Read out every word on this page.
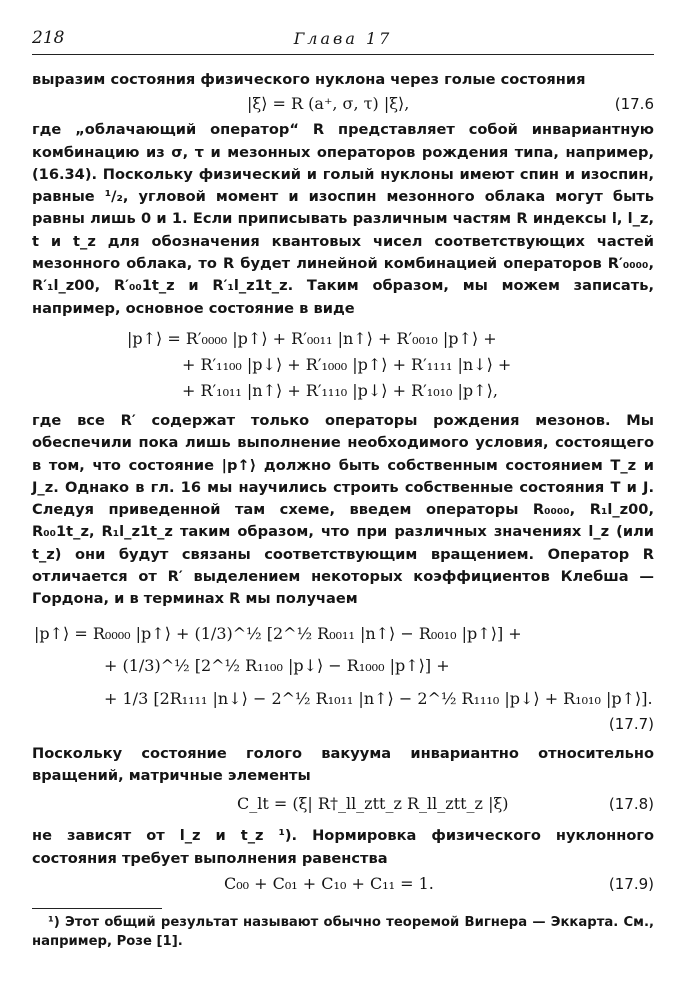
218	Глава 17

выразим состояния физического нуклона через голые состояния

|ξ⟩ = R (a⁺, σ, τ) |ξ⟩,	(17.6

где „облачающий оператор“ R представляет собой инвариантную комбинацию из σ, τ и мезонных операторов рождения типа, например, (16.34). Поскольку физический и голый нуклоны имеют спин и изоспин, равные ¹/₂, угловой момент и изоспин мезонного облака могут быть равны лишь 0 и 1. Если приписывать различным частям R индексы l, l_z, t и t_z для обозначения квантовых чисел соответствующих частей мезонного облака, то R будет линейной комбинацией операторов R′₀₀₀₀, R′₁l_z00, R′₀₀1t_z и R′₁l_z1t_z. Таким образом, мы можем записать, например, основное состояние в виде

|p↑⟩ = R′₀₀₀₀ |p↑⟩ + R′₀₀₁₁ |n↑⟩ + R′₀₀₁₀ |p↑⟩ +
+ R′₁₁₀₀ |p↓⟩ + R′₁₀₀₀ |p↑⟩ + R′₁₁₁₁ |n↓⟩ +
+ R′₁₀₁₁ |n↑⟩ + R′₁₁₁₀ |p↓⟩ + R′₁₀₁₀ |p↑⟩,

где все R′ содержат только операторы рождения мезонов. Мы обеспечили пока лишь выполнение необходимого условия, состоящего в том, что состояние |p↑⟩ должно быть собственным состоянием T_z и J_z. Однако в гл. 16 мы научились строить собственные состояния T и J. Следуя приведенной там схеме, введем операторы R₀₀₀₀, R₁l_z00, R₀₀1t_z, R₁l_z1t_z таким образом, что при различных значениях l_z (или t_z) они будут связаны соответствующим вращением. Оператор R отличается от R′ выделением некоторых коэффициентов Клебша — Гордона, и в терминах R мы получаем

|p↑⟩ = R₀₀₀₀ |p↑⟩ + (1/3)^½ [2^½ R₀₀₁₁ |n↑⟩ − R₀₀₁₀ |p↑⟩] +
+ (1/3)^½ [2^½ R₁₁₀₀ |p↓⟩ − R₁₀₀₀ |p↑⟩] +
+ 1/3 [2R₁₁₁₁ |n↓⟩ − 2^½ R₁₀₁₁ |n↑⟩ − 2^½ R₁₁₁₀ |p↓⟩ + R₁₀₁₀ |p↑⟩].
(17.7)

Поскольку состояние голого вакуума инвариантно относительно вращений, матричные элементы

C_lt = (ξ| R†_ll_ztt_z R_ll_ztt_z |ξ)	(17.8)

не зависят от l_z и t_z ¹). Нормировка физического нуклонного состояния требует выполнения равенства

C₀₀ + C₀₁ + C₁₀ + C₁₁ = 1.	(17.9)

¹) Этот общий результат называют обычно теоремой Вигнера — Эккарта. См., например, Розе [1].
